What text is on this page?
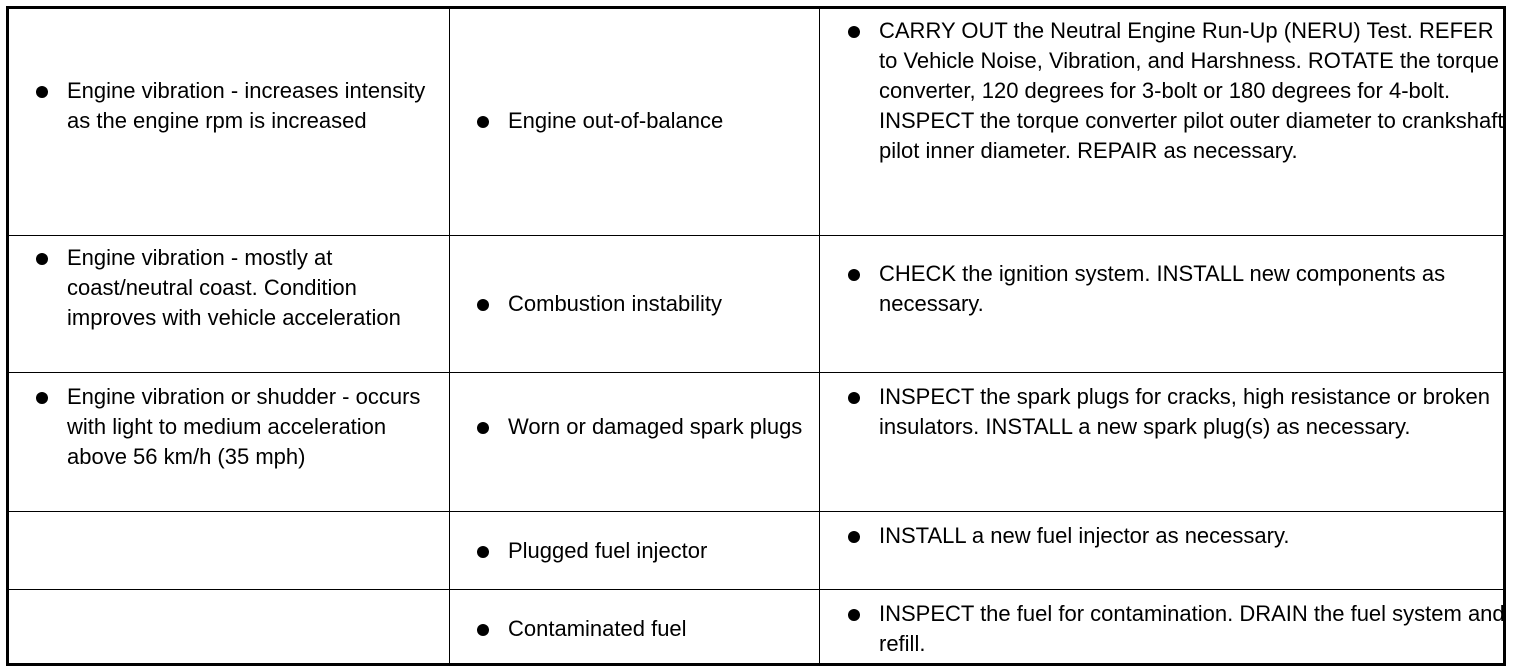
Engine vibration - increases intensity as the engine rpm is increased	Engine out-of-balance
CARRY OUT the Neutral Engine Run-Up (NERU) Test. REFER to Vehicle Noise, Vibration, and Harshness. ROTATE the torque converter, 120 degrees for 3-bolt or 180 degrees for 4-bolt. INSPECT the torque converter pilot outer diameter to crankshaft pilot inner diameter. REPAIR as necessary.
Engine vibration - mostly at coast/neutral coast. Condition improves with vehicle acceleration
Combustion instability
CHECK the ignition system. INSTALL new components as necessary.
Engine vibration or shudder - occurs with light to medium acceleration above 56 km/h (35 mph)
Worn or damaged spark plugs
INSPECT the spark plugs for cracks, high resistance or broken insulators. INSTALL a new spark plug(s) as necessary.
Plugged fuel injector
INSTALL a new fuel injector as necessary.
Contaminated fuel
INSPECT the fuel for contamination. DRAIN the fuel system and refill.
